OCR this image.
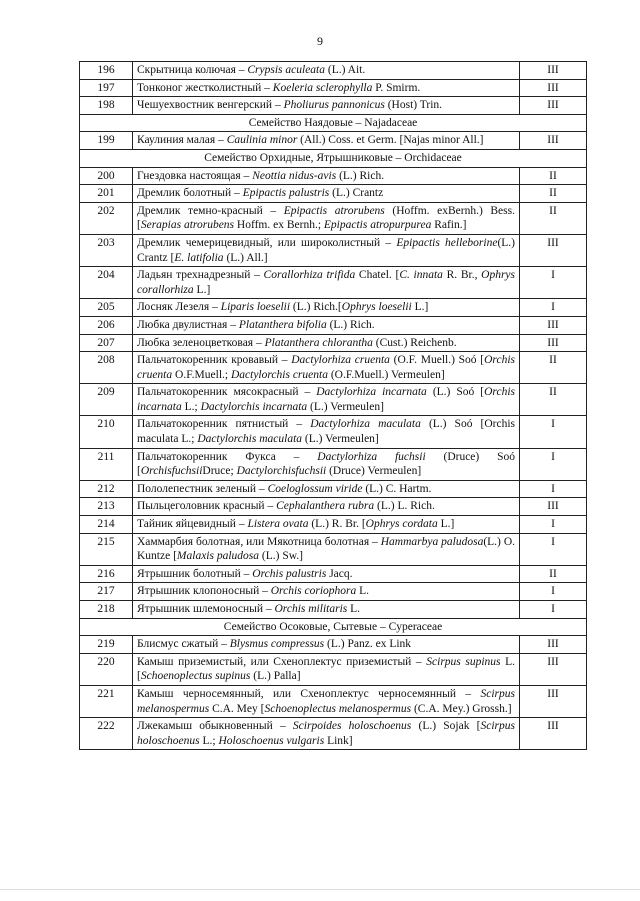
9
196	Скрытница колючая – Crypsis aculeata (L.) Ait.	III
197	Тонконог жестколистный – Koeleria sclerophylla P. Smirm.	III
198	Чешуехвостник венгерский – Pholiurus pannonicus (Host) Trin.	III
Семейство Наядовые – Najadaceae		
199	Каулиния малая – Caulinia minor (All.) Coss. et Germ. [Najas minor All.]	III
Семейство Орхидные, Ятрышниковые – Orchidaceae		
200	Гнездовка настоящая – Neottia nidus-avis (L.) Rich.	II
201	Дремлик болотный – Epipactis palustris (L.) Crantz	II
202	Дремлик темно-красный – Epipactis atrorubens (Hoffm. exBernh.) Bess. [Serapias atrorubens Hoffm. ex Bernh.; Epipactis atropurpurea Rafin.]	II
203	Дремлик чемерицевидный, или широколистный – Epipactis helleborine(L.) Crantz [E. latifolia (L.) All.]	III
204	Ладьян трехнадрезный – Corallorhiza trifida Chatel. [C. innata R. Br., Ophrys corallorhiza L.]	I
205	Лосняк Лезеля – Liparis loeselii (L.) Rich.[Ophrys loeselii L.]	I
206	Любка двулистная – Platanthera bifolia (L.) Rich.	III
207	Любка зеленоцветковая – Platanthera chlorantha (Cust.) Reichenb.	III
208	Пальчатокоренник кровавый – Dactylorhiza cruenta (O.F. Muell.) Soó [Orchis cruenta O.F.Muell.; Dactylorchis cruenta (O.F.Muell.) Vermeulen]	II
209	Пальчатокоренник мясокрасный – Dactylorhiza incarnata (L.) Soó [Orchis incarnata L.; Dactylorchis incarnata (L.) Vermeulen]	II
210	Пальчатокоренник пятнистый – Dactylorhiza maculata (L.) Soó [Orchis maculata L.; Dactylorchis maculata (L.) Vermeulen]	I
211	Пальчатокоренник Фукса – Dactylorhiza fuchsii (Druce) Soó [OrchisfuchsiiDruce; Dactylorchisfuchsii (Druce) Vermeulen]	I
212	Пололепестник зеленый – Coeloglossum viride (L.) C. Hartm.	I
213	Пыльцеголовник красный – Cephalanthera rubra (L.) L. Rich.	III
214	Тайник яйцевидный – Listera ovata (L.) R. Br. [Ophrys cordata L.]	I
215	Хаммарбия болотная, или Мякотница болотная – Hammarbya paludosa(L.) O. Kuntze [Malaxis paludosa (L.) Sw.]	I
216	Ятрышник болотный – Orchis palustris Jacq.	II
217	Ятрышник клопоносный – Orchis coriophora L.	I
218	Ятрышник шлемоносный – Orchis militaris L.	I
Семейство Осоковые, Сытевые – Cyperaceae		
219	Блисмус сжатый – Blysmus compressus (L.) Panz. ex Link	III
220	Камыш приземистый, или Схеноплектус приземистый – Scirpus supinus L. [Schoenoplectus supinus (L.) Palla]	III
221	Камыш черносемянный, или Схеноплектус черносемянный – Scirpus melanospermus C.A. Mey [Schoenoplectus melanospermus (C.A. Mey.) Grossh.]	III
222	Лжекамыш обыкновенный – Scirpoides holoschoenus (L.) Sojak [Scirpus holoschoenus L.; Holoschoenus vulgaris Link]	III
